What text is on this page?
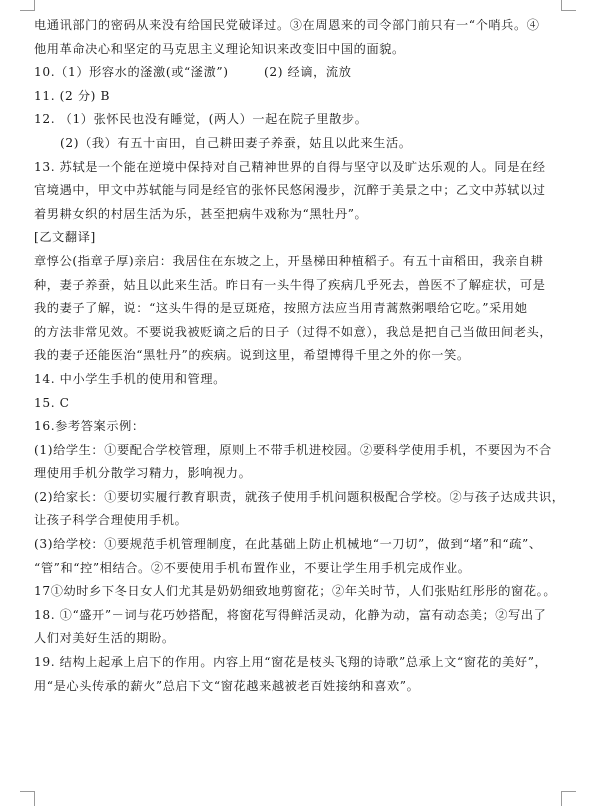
电通讯部门的密码从来没有给国民党破译过。③在周恩来的司令部门前只有一“个哨兵。④
他用革命决心和坚定的马克思主义理论知识来改变旧中国的面貌。
10.（1）形容水的滏激(或“滏滶”)	(2) 经谪，流放
11. (2 分) B
12. （1）张怀民也没有睡觉，(两人）一起在院子里散步。
(2)（我）有五十亩田，自己耕田妻子养蚕，姑且以此来生活。
13. 苏轼是一个能在逆境中保持对自己精神世界的自得与坚守以及旷达乐观的人。同是在经
官境遇中，甲文中苏轼能与同是经官的张怀民悠闲漫步，沉醉于美景之中；乙文中苏轼以过
着男耕女织的村居生活为乐，甚至把病牛戏称为“黑牡丹”。
[乙文翻译]
章惇公(指章子厚)亲启：我居住在东坡之上，开垦梯田种植稻子。有五十亩稻田，我亲自耕
种，妻子养蚕，姑且以此来生活。昨日有一头牛得了疾病几乎死去，兽医不了解症状，可是
我的妻子了解，说：“这头牛得的是豆斑疮，按照方法应当用青蒿熬粥喂给它吃。”采用她
的方法非常见效。不要说我被贬谪之后的日子（过得不如意），我总是把自己当做田间老头，
我的妻子还能医治“黑牡丹”的疾病。说到这里，希望博得千里之外的你一笑。
14. 中小学生手机的使用和管理。
15. C
16.参考答案示例：
(1)给学生：①要配合学校管理，原则上不带手机进校园。②要科学使用手机，不要因为不合
理使用手机分散学习精力，影响视力。
(2)给家长：①要切实履行教育职责，就孩子使用手机问题积极配合学校。②与孩子达成共识，
让孩子科学合理使用手机。
(3)给学校：①要规范手机管理制度，在此基础上防止机械地“一刀切”，做到“堵”和“疏”、
“管”和“控”相结合。②不要使用手机布置作业，不要让学生用手机完成作业。
17①幼时乡下冬日女人们尤其是奶奶细致地剪窗花；②年关时节，人们张贴红彤彤的窗花。。
18. ①“盛开”－词与花巧妙搭配，将窗花写得鲜活灵动，化静为动，富有动态美；②写出了
人们对美好生活的期盼。
19. 结构上起承上启下的作用。内容上用“窗花是枝头飞翔的诗歌”总承上文“窗花的美好”，
用“是心头传承的薪火”总启下文“窗花越来越被老百姓接纳和喜欢”。
